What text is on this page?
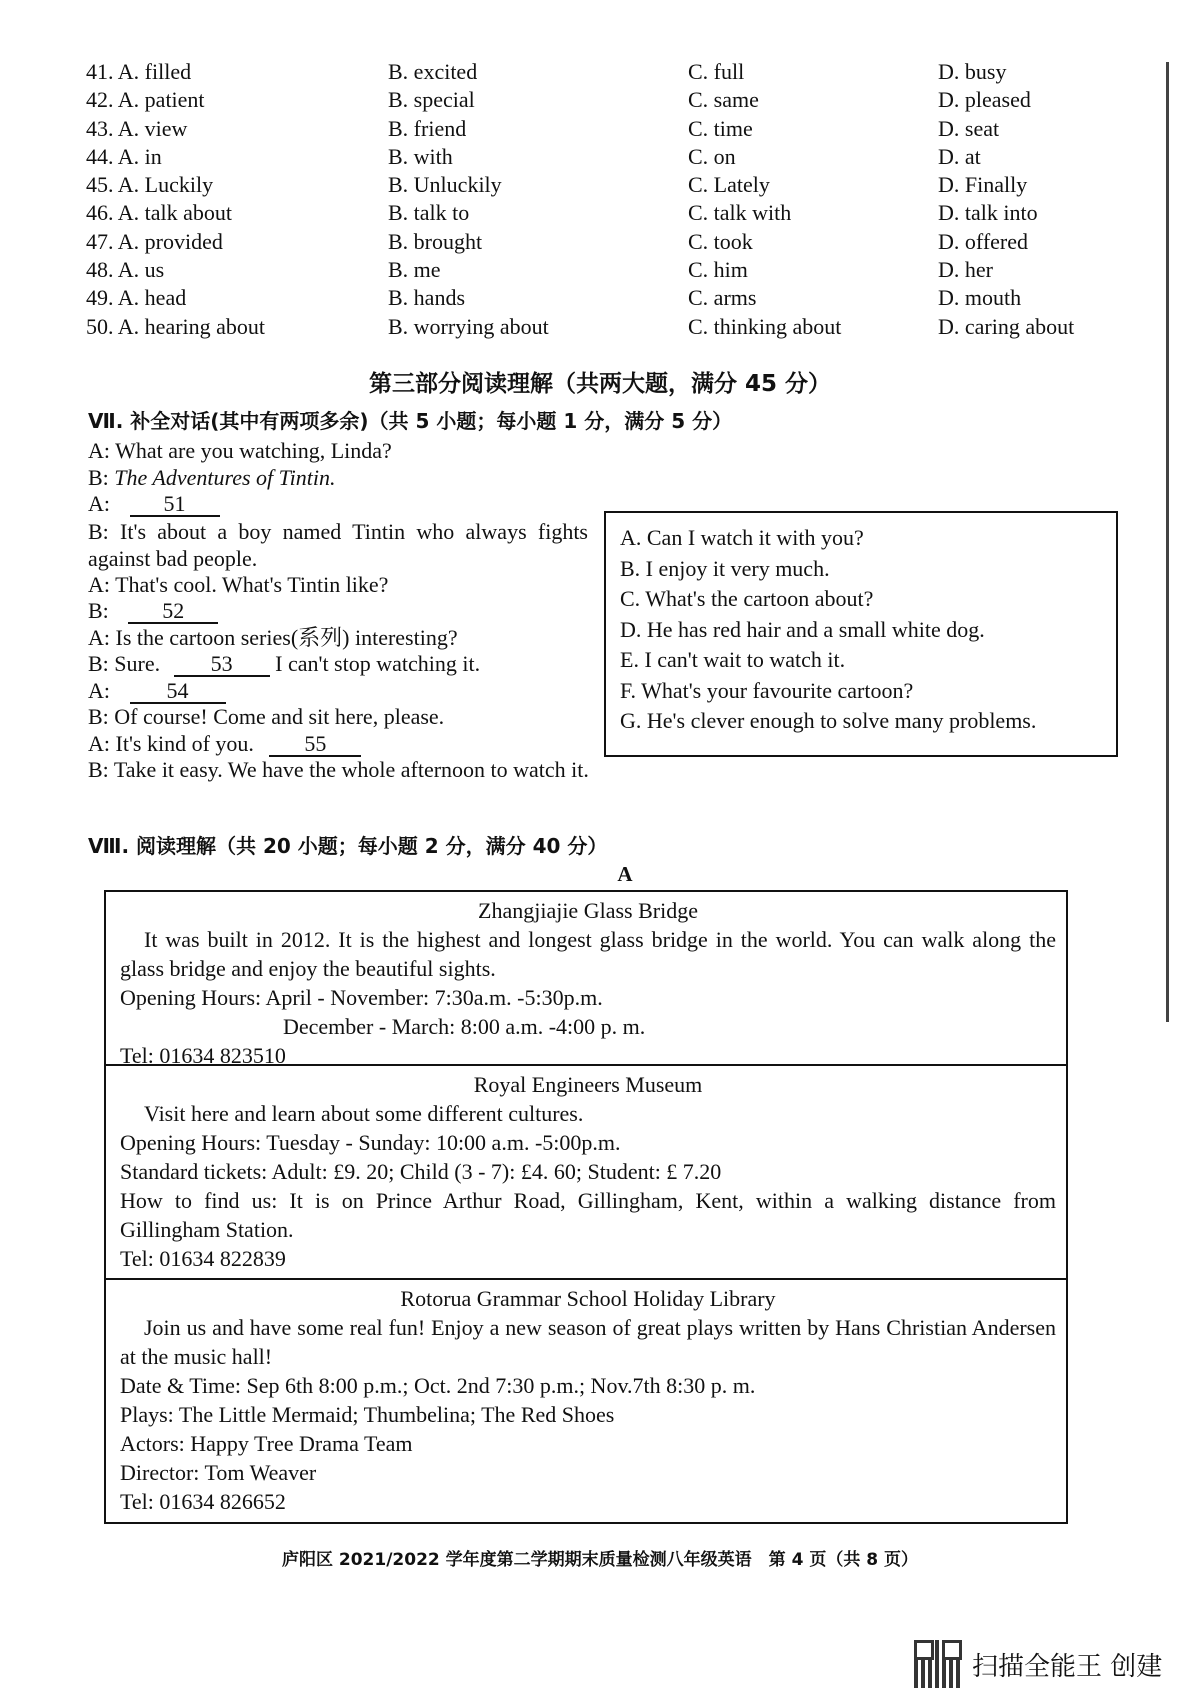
41. A. filled	B. excited	C. full	D. busy
42. A. patient	B. special	C. same	D. pleased
43. A. view	B. friend	C. time	D. seat
44. A. in	B. with	C. on	D. at
45. A. Luckily	B. Unluckily	C. Lately	D. Finally
46. A. talk about	B. talk to	C. talk with	D. talk into
47. A. provided	B. brought	C. took	D. offered
48. A. us	B. me	C. him	D. her
49. A. head	B. hands	C. arms	D. mouth
50. A. hearing about	B. worrying about	C. thinking about	D. caring about
第三部分阅读理解（共两大题，满分 45 分）
Ⅶ. 补全对话(其中有两项多余)（共 5 小题；每小题 1 分，满分 5 分）
A: What are you watching, Linda?
B: The Adventures of Tintin.
A: 51
B: It's about a boy named Tintin who always fights against bad people.
A: That's cool. What's Tintin like?
B: 52
A: Is the cartoon series(系列) interesting?
B: Sure. 53 I can't stop watching it.
A: 54
B: Of course! Come and sit here, please.
A: It's kind of you. 55
B: Take it easy. We have the whole afternoon to watch it.
A. Can I watch it with you?
B. I enjoy it very much.
C. What's the cartoon about?
D. He has red hair and a small white dog.
E. I can't wait to watch it.
F. What's your favourite cartoon?
G. He's clever enough to solve many problems.
Ⅷ. 阅读理解（共 20 小题；每小题 2 分，满分 40 分）
A
Zhangjiajie Glass Bridge
It was built in 2012. It is the highest and longest glass bridge in the world. You can walk along the glass bridge and enjoy the beautiful sights.
Opening Hours: April - November: 7:30a.m. -5:30p.m.
December - March: 8:00 a.m. -4:00 p. m.
Tel: 01634 823510
Royal Engineers Museum
Visit here and learn about some different cultures.
Opening Hours: Tuesday - Sunday: 10:00 a.m. -5:00p.m.
Standard tickets: Adult: £9. 20; Child (3 - 7): £4. 60; Student: £ 7.20
How to find us: It is on Prince Arthur Road, Gillingham, Kent, within a walking distance from Gillingham Station.
Tel: 01634 822839
Rotorua Grammar School Holiday Library
Join us and have some real fun! Enjoy a new season of great plays written by Hans Christian Andersen at the music hall!
Date & Time: Sep 6th 8:00 p.m.; Oct. 2nd 7:30 p.m.; Nov.7th 8:30 p. m.
Plays: The Little Mermaid; Thumbelina; The Red Shoes
Actors: Happy Tree Drama Team
Director: Tom Weaver
Tel: 01634 826652
庐阳区 2021/2022 学年度第二学期期末质量检测八年级英语　第 4 页（共 8 页）
扫描全能王 创建
